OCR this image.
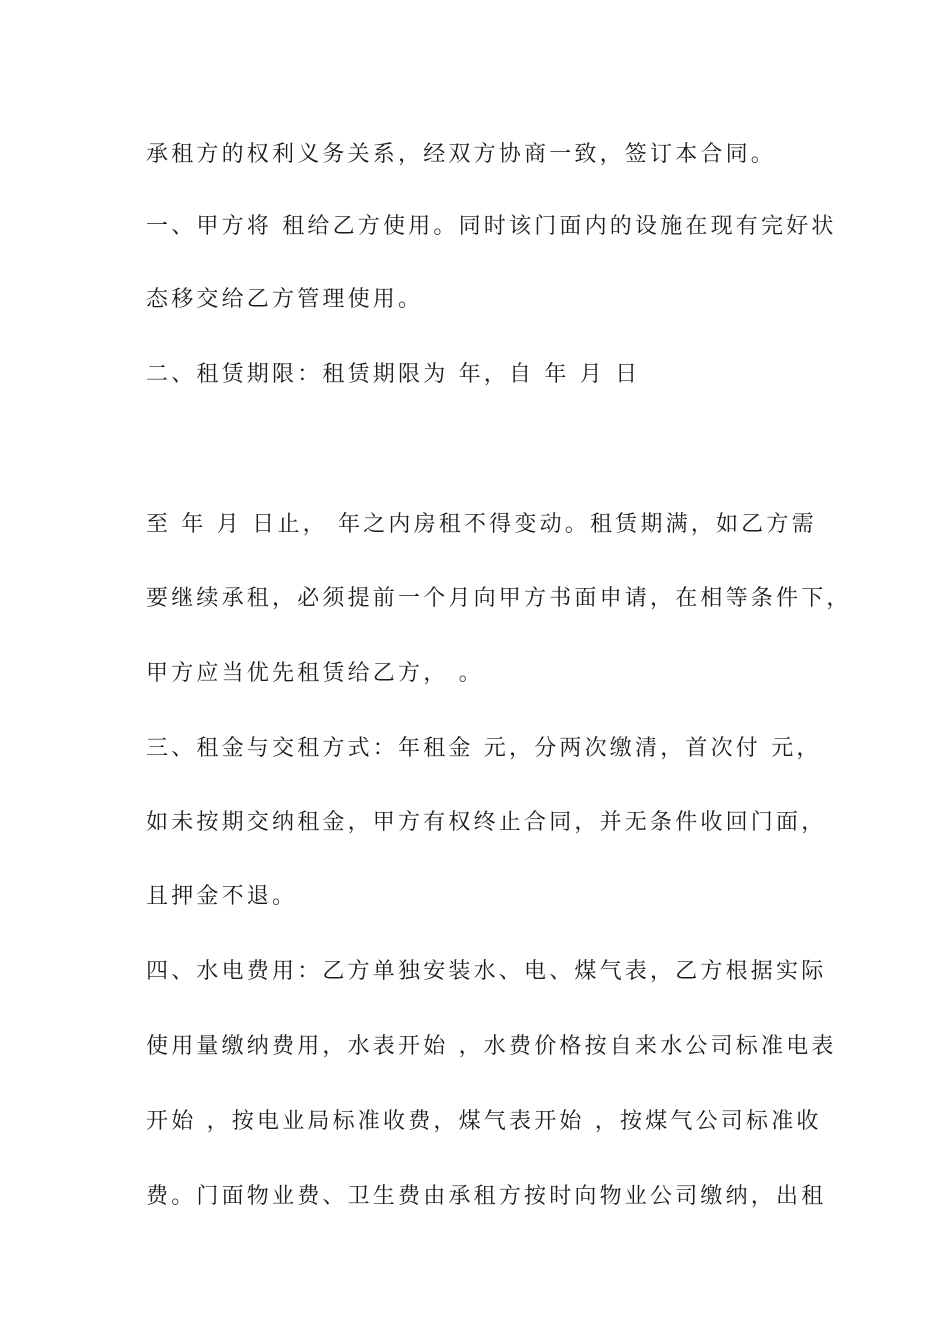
承租方的权利义务关系，经双方协商一致，签订本合同。

一、甲方将 租给乙方使用。同时该门面内的设施在现有完好状

态移交给乙方管理使用。

二、租赁期限：租赁期限为 年，自 年 月 日

至 年 月 日止， 年之内房租不得变动。租赁期满，如乙方需

要继续承租，必须提前一个月向甲方书面申请，在相等条件下，

甲方应当优先租赁给乙方， 。

三、租金与交租方式：年租金 元，分两次缴清，首次付 元，

如未按期交纳租金，甲方有权终止合同，并无条件收回门面，

且押金不退。

四、水电费用：乙方单独安装水、电、煤气表，乙方根据实际

使用量缴纳费用，水表开始 ，水费价格按自来水公司标准电表

开始 ，按电业局标准收费，煤气表开始 ，按煤气公司标准收

费。门面物业费、卫生费由承租方按时向物业公司缴纳，出租
